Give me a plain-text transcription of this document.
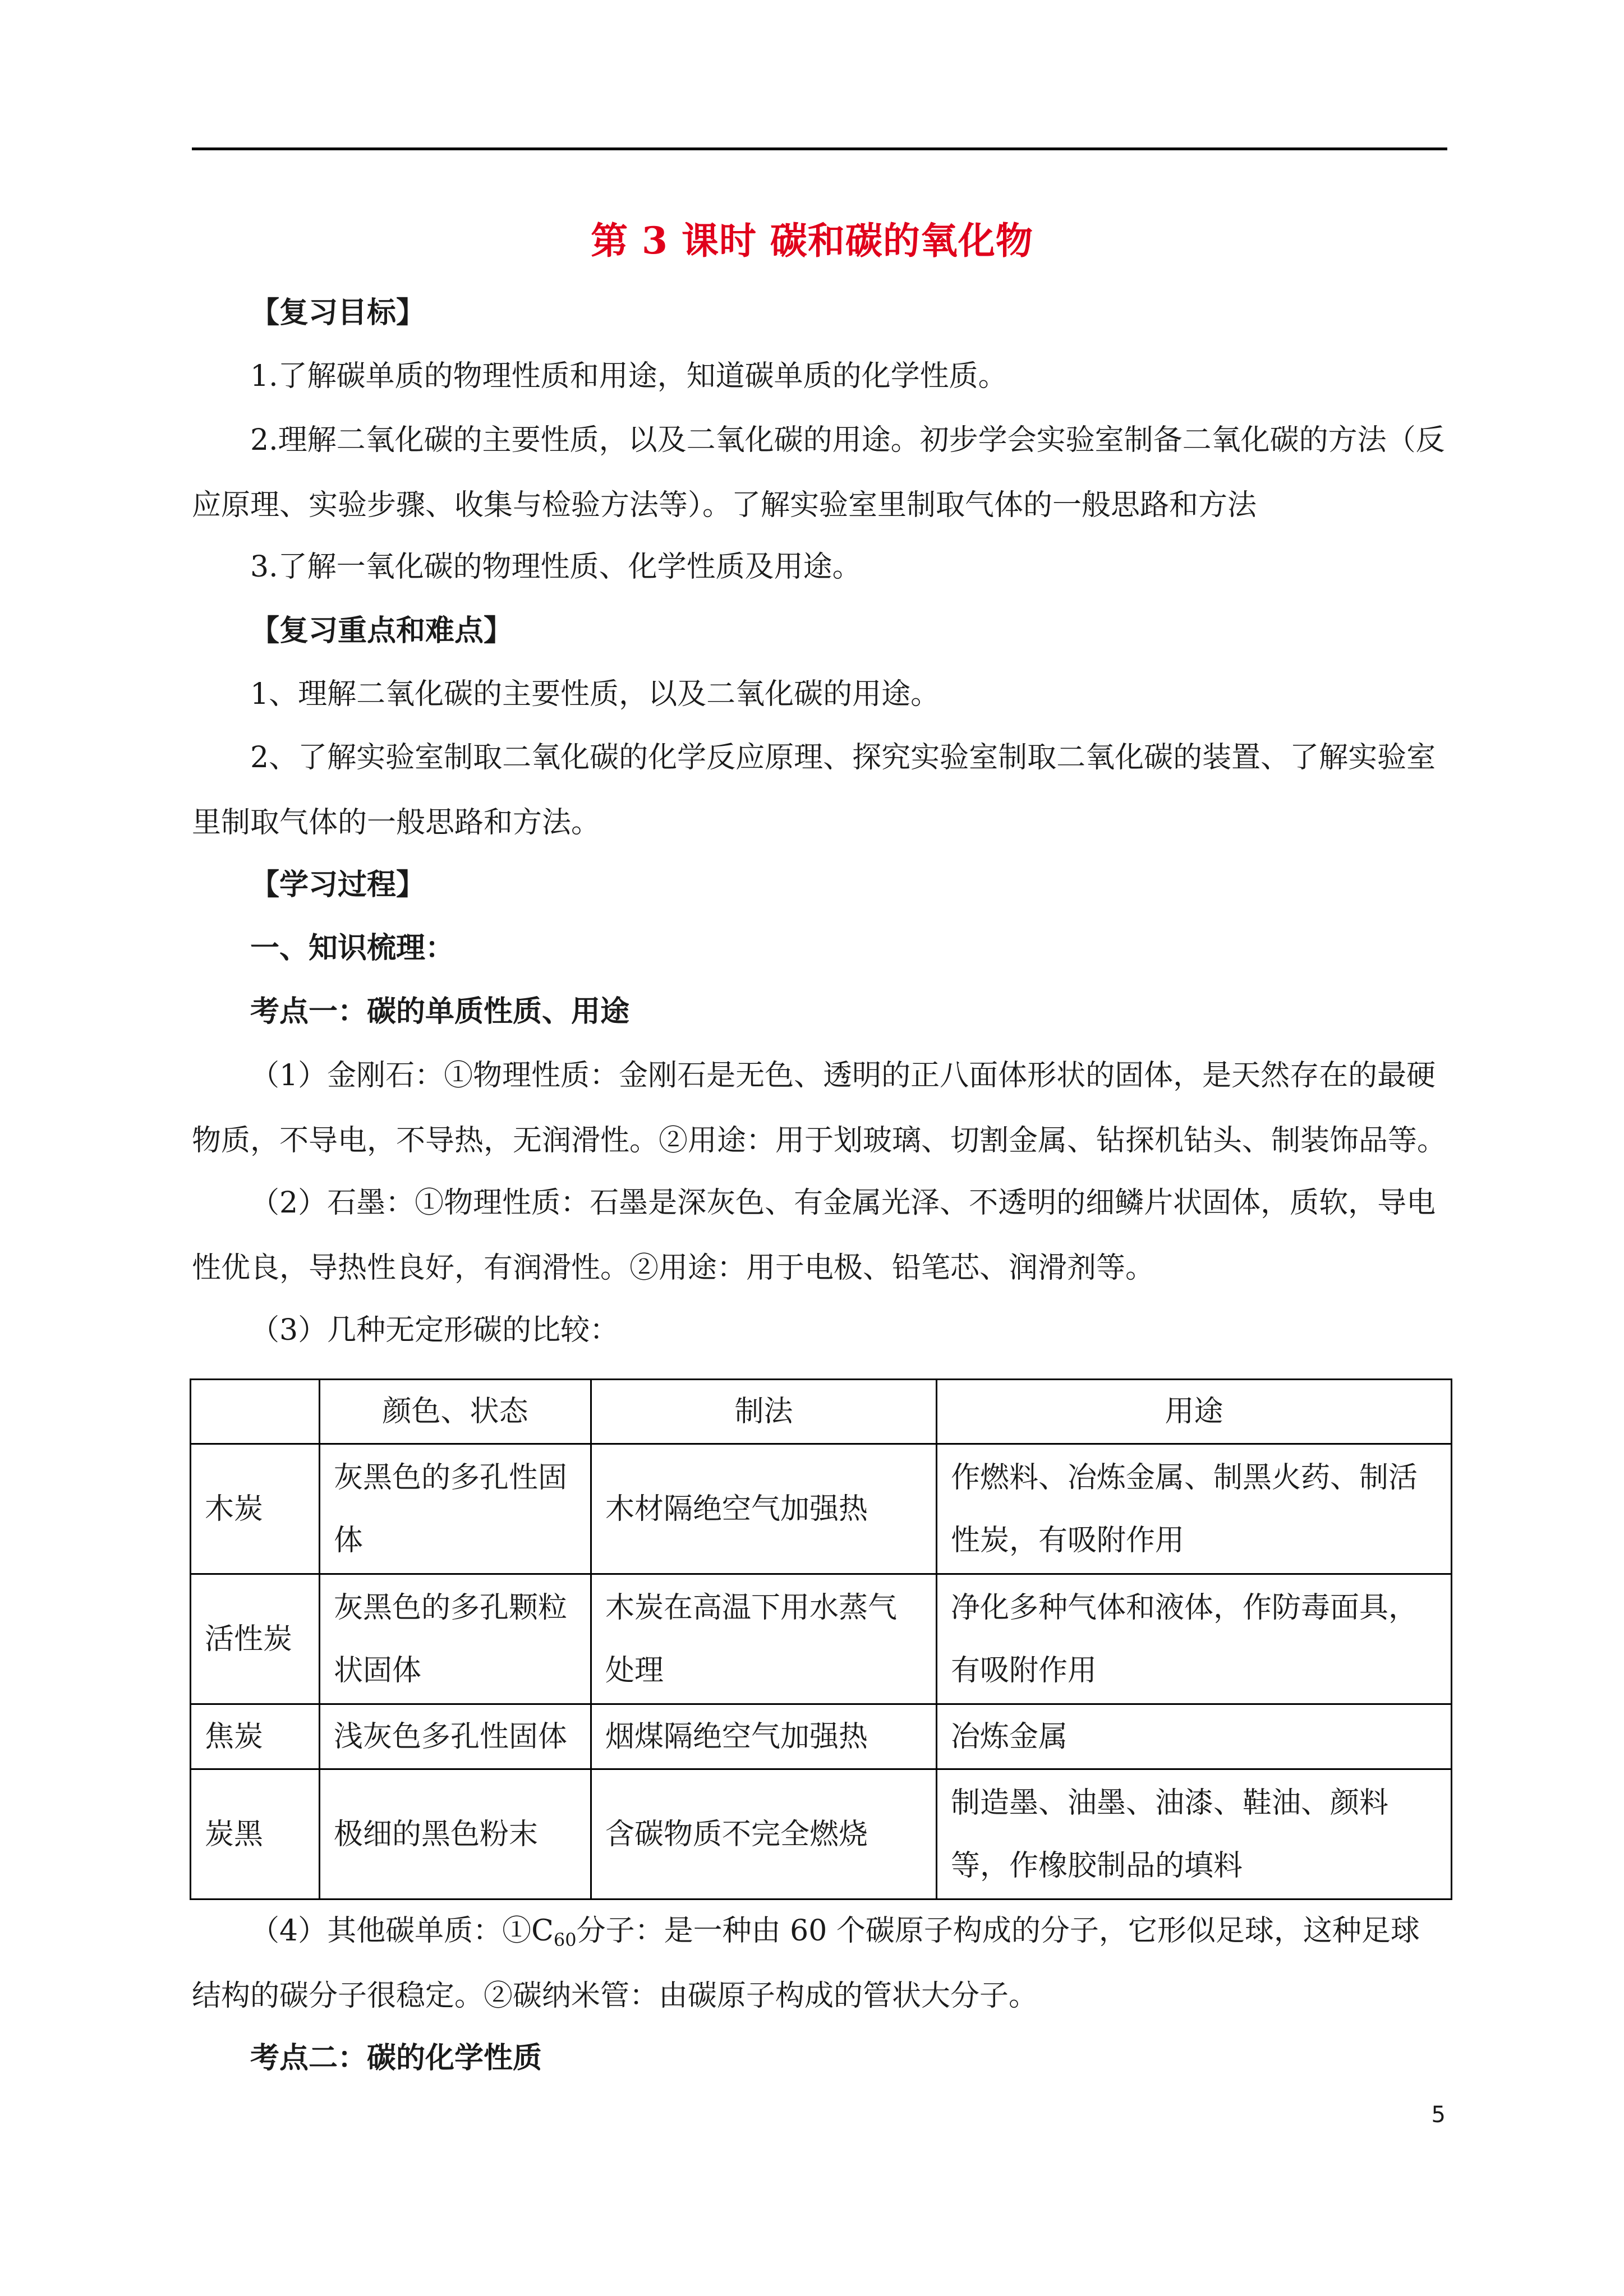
第 3 课时 碳和碳的氧化物

【复习目标】

1.了解碳单质的物理性质和用途，知道碳单质的化学性质。

2.理解二氧化碳的主要性质，以及二氧化碳的用途。初步学会实验室制备二氧化碳的方法（反应原理、实验步骤、收集与检验方法等）。了解实验室里制取气体的一般思路和方法

3.了解一氧化碳的物理性质、化学性质及用途。

【复习重点和难点】

1、理解二氧化碳的主要性质，以及二氧化碳的用途。

2、了解实验室制取二氧化碳的化学反应原理、探究实验室制取二氧化碳的装置、了解实验室里制取气体的一般思路和方法。

【学习过程】

一、知识梳理：

考点一：碳的单质性质、用途

（1）金刚石：①物理性质：金刚石是无色、透明的正八面体形状的固体，是天然存在的最硬物质，不导电，不导热，无润滑性。②用途：用于划玻璃、切割金属、钻探机钻头、制装饰品等。

（2）石墨：①物理性质：石墨是深灰色、有金属光泽、不透明的细鳞片状固体，质软，导电性优良，导热性良好，有润滑性。②用途：用于电极、铅笔芯、润滑剂等。

（3）几种无定形碳的比较：

	颜色、状态	制法	用途
木炭	灰黑色的多孔性固体	木材隔绝空气加强热	作燃料、冶炼金属、制黑火药、制活性炭，有吸附作用
活性炭	灰黑色的多孔颗粒状固体	木炭在高温下用水蒸气处理	净化多种气体和液体，作防毒面具，有吸附作用
焦炭	浅灰色多孔性固体	烟煤隔绝空气加强热	冶炼金属
炭黑	极细的黑色粉末	含碳物质不完全燃烧	制造墨、油墨、油漆、鞋油、颜料等，作橡胶制品的填料

（4）其他碳单质：$①C_{60}$分子：是一种由 60 个碳原子构成的分子，它形似足球，这种足球结构的碳分子很稳定。②碳纳米管：由碳原子构成的管状大分子。

考点二：碳的化学性质

5
